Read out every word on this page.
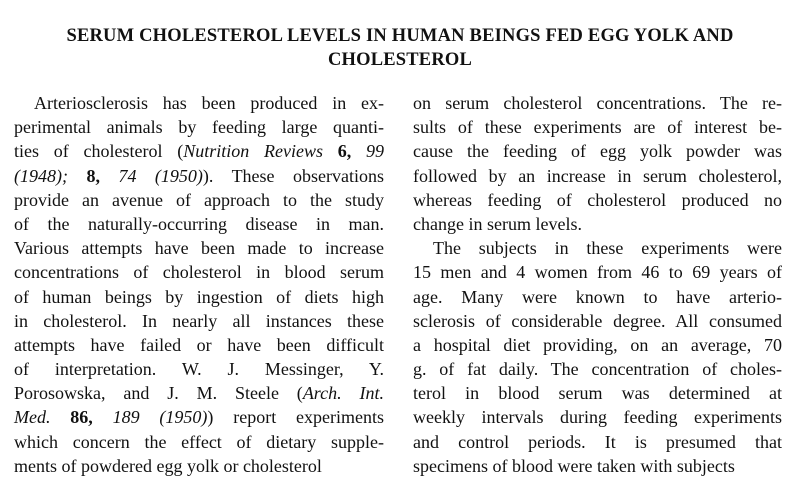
SERUM CHOLESTEROL LEVELS IN HUMAN BEINGS FED EGG YOLK AND
CHOLESTEROL
Arteriosclerosis has been produced in ex-
perimental animals by feeding large quanti-
ties of cholesterol (Nutrition Reviews 6, 99
(1948); 8, 74 (1950)). These observations
provide an avenue of approach to the study
of the naturally-occurring disease in man.
Various attempts have been made to increase
concentrations of cholesterol in blood serum
of human beings by ingestion of diets high
in cholesterol. In nearly all instances these
attempts have failed or have been difficult
of interpretation. W. J. Messinger, Y.
Porosowska, and J. M. Steele (Arch. Int.
Med. 86, 189 (1950)) report experiments
which concern the effect of dietary supple-
ments of powdered egg yolk or cholesterol
on serum cholesterol concentrations. The re-
sults of these experiments are of interest be-
cause the feeding of egg yolk powder was
followed by an increase in serum cholesterol,
whereas feeding of cholesterol produced no
change in serum levels.
The subjects in these experiments were
15 men and 4 women from 46 to 69 years of
age. Many were known to have arterio-
sclerosis of considerable degree. All consumed
a hospital diet providing, on an average, 70
g. of fat daily. The concentration of choles-
terol in blood serum was determined at
weekly intervals during feeding experiments
and control periods. It is presumed that
specimens of blood were taken with subjects
